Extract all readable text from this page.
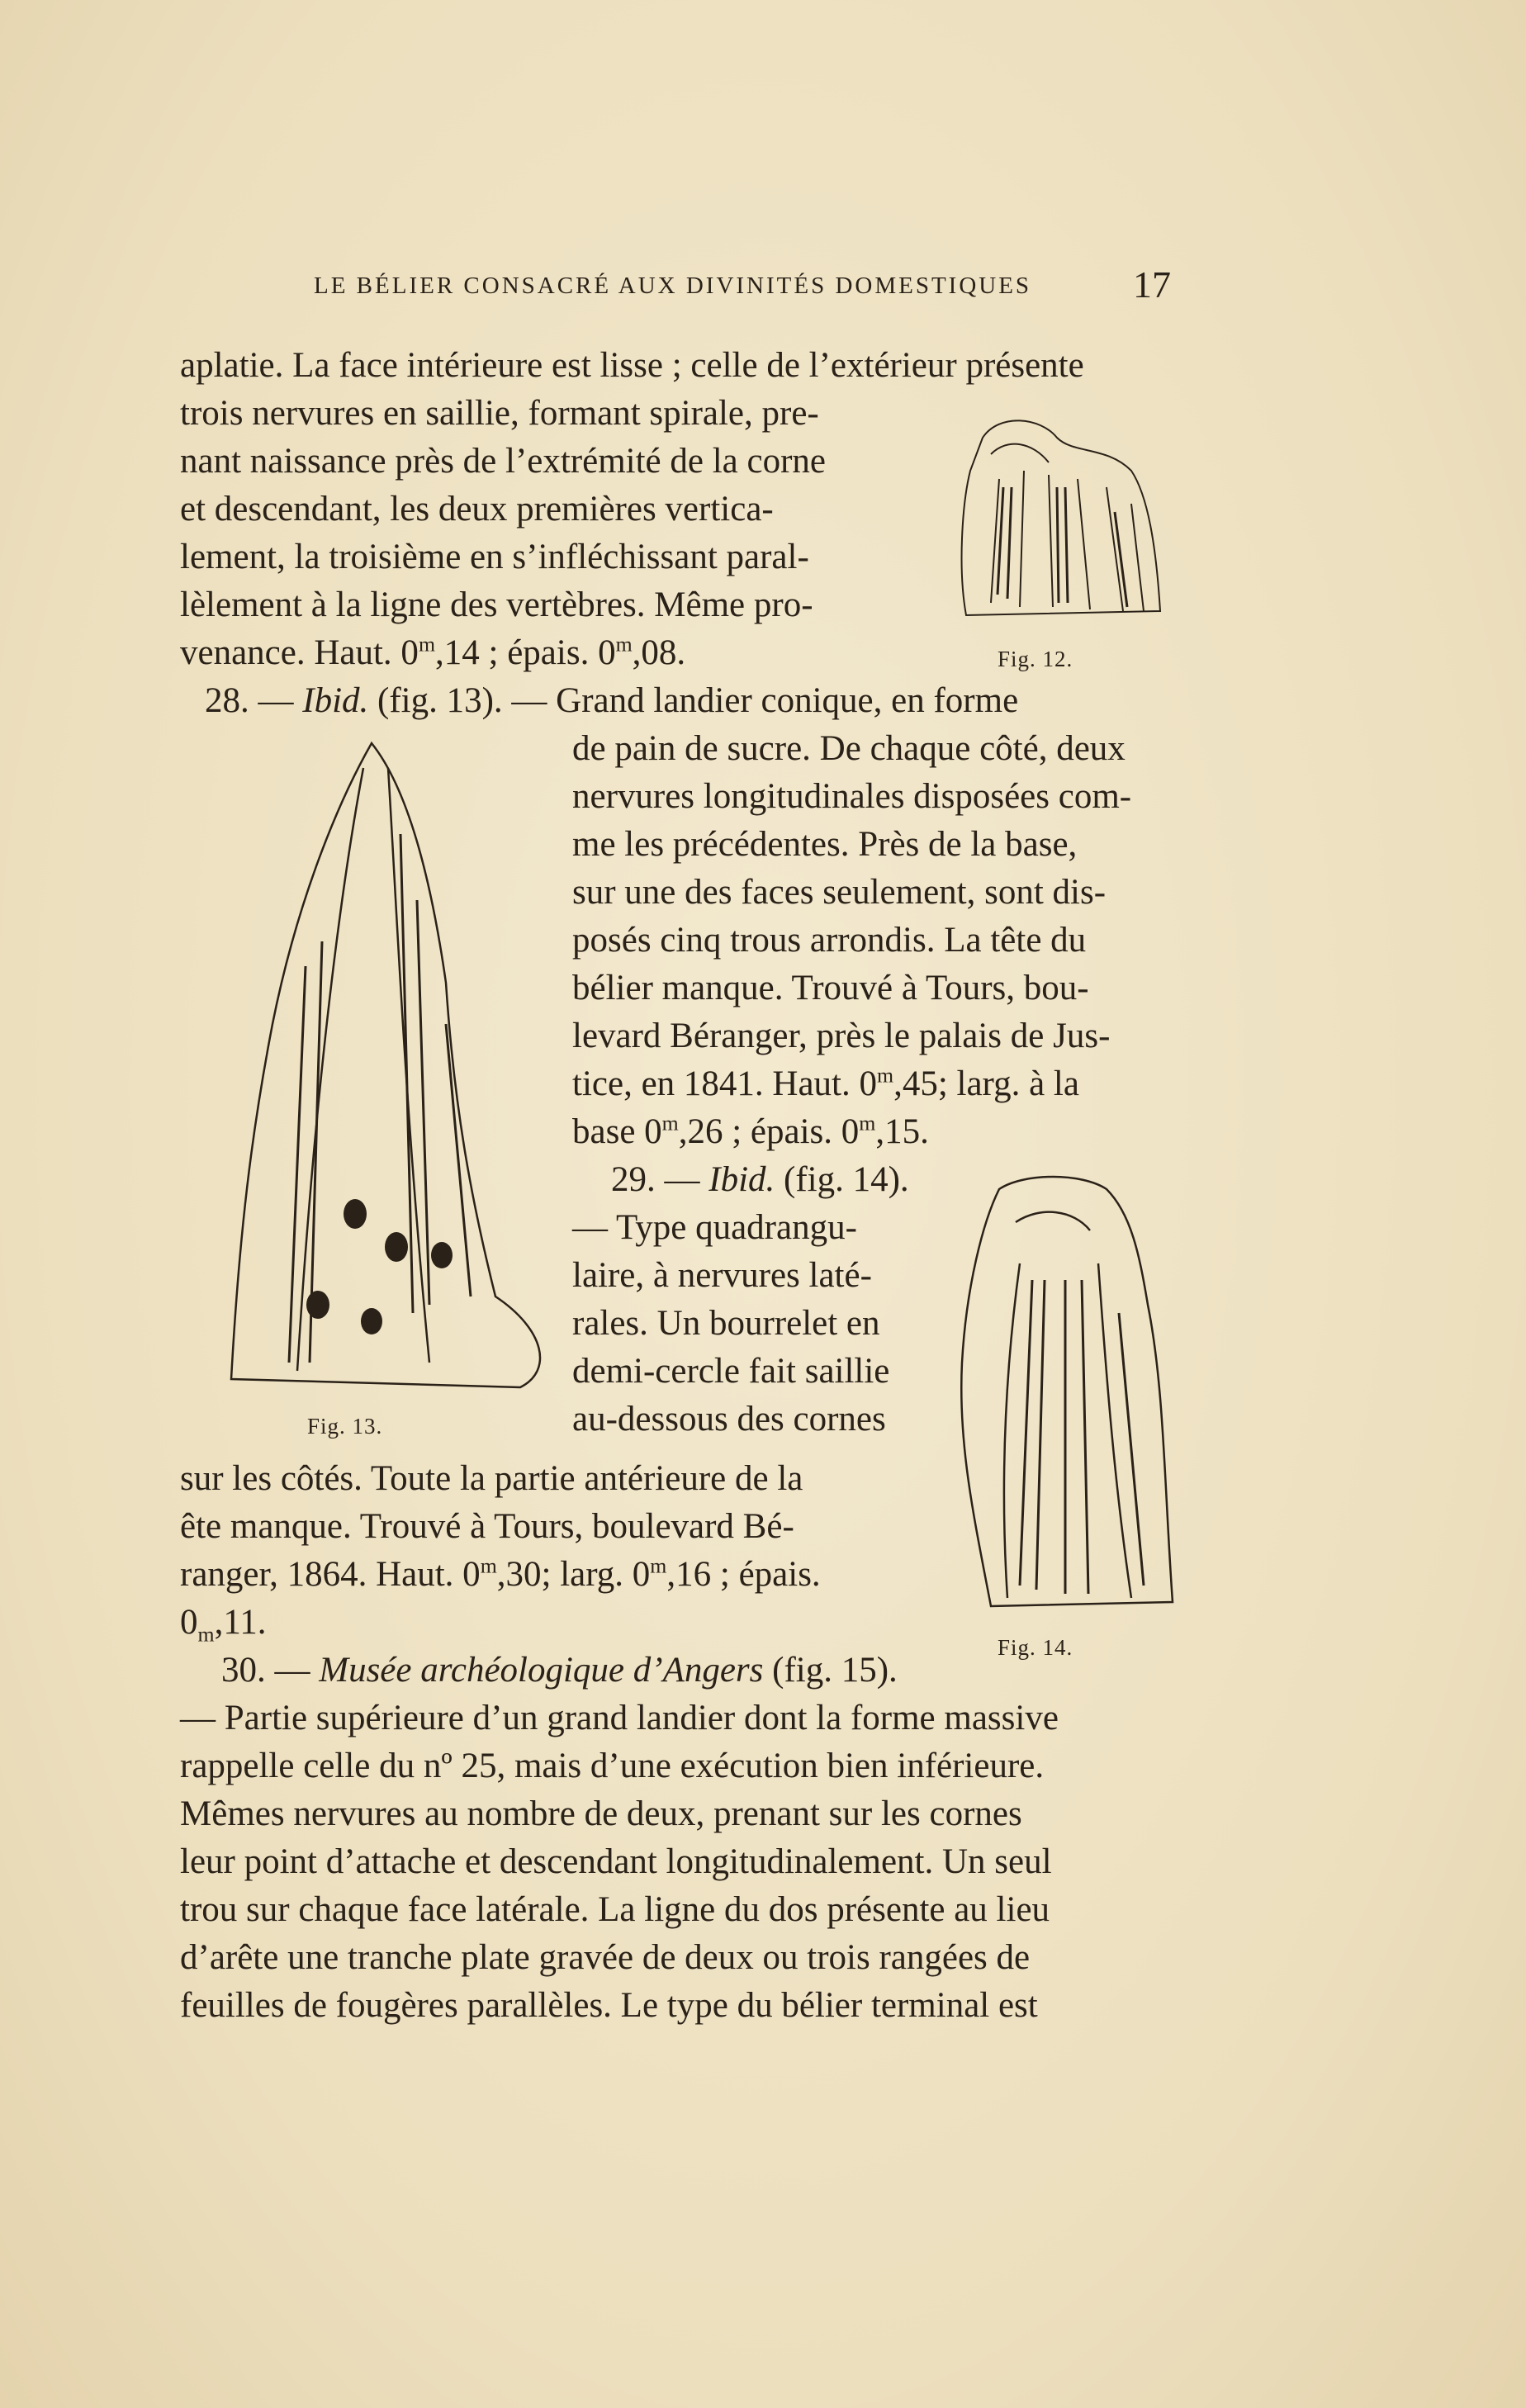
LE BÉLIER CONSACRÉ AUX DIVINITÉS DOMESTIQUES	17
Fig. 12.
Fig. 13.
Fig. 14.
aplatie. La face intérieure est lisse ; celle de l’extérieur présente
trois nervures en saillie, formant spirale, pre-
nant naissance près de l’extrémité de la corne
et descendant, les deux premières vertica-
lement, la troisième en s’infléchissant paral-
lèlement à la ligne des vertèbres. Même pro-
venance. Haut. 0$^m$,14 ; épais. 0$^m$,08.
28. — Ibid. (fig. 13). — Grand landier conique, en forme
de pain de sucre. De chaque côté, deux
nervures longitudinales disposées com-
me les précédentes. Près de la base,
sur une des faces seulement, sont dis-
posés cinq trous arrondis. La tête du
bélier manque. Trouvé à Tours, bou-
levard Béranger, près le palais de Jus-
tice, en 1841. Haut. 0$^m$,45; larg. à la
base 0$^m$,26 ; épais. 0$^m$,15.
29. — Ibid. (fig. 14).
— Type quadrangu-
laire, à nervures laté-
rales. Un bourrelet en
demi-cercle fait saillie
au-dessous des cornes
sur les côtés. Toute la partie antérieure de la
ête manque. Trouvé à Tours, boulevard Bé-
ranger, 1864. Haut. 0$^m$,30; larg. 0$^m$,16 ; épais.
$0_m,11$.
30. — Musée archéologique d’Angers (fig. 15).
— Partie supérieure d’un grand landier dont la forme massive
rappelle celle du nº 25, mais d’une exécution bien inférieure.
Mêmes nervures au nombre de deux, prenant sur les cornes
leur point d’attache et descendant longitudinalement. Un seul
trou sur chaque face latérale. La ligne du dos présente au lieu
d’arête une tranche plate gravée de deux ou trois rangées de
feuilles de fougères parallèles. Le type du bélier terminal est
